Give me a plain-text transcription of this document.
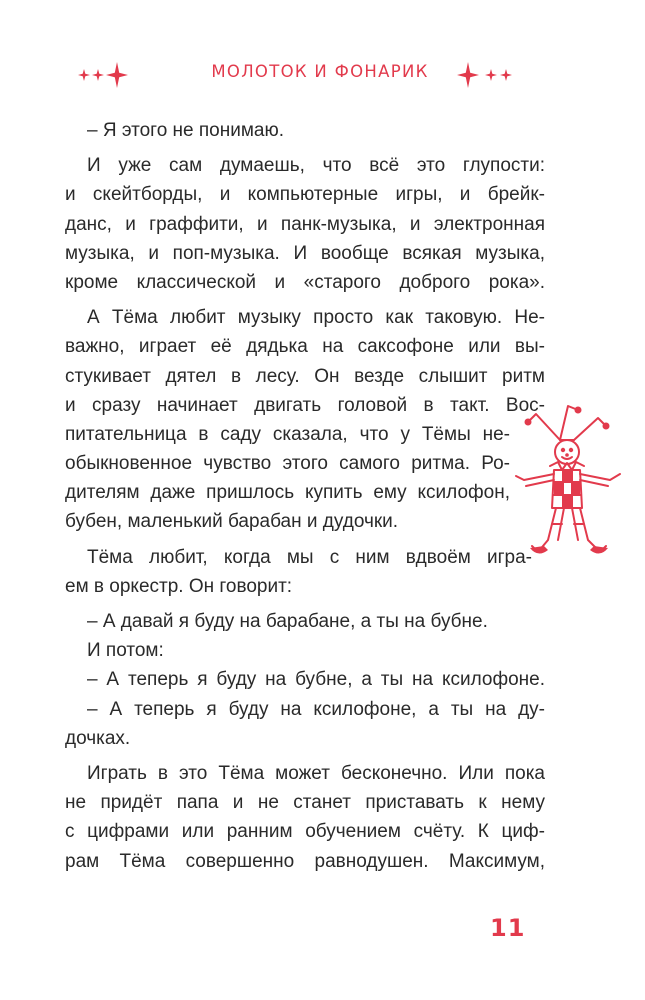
МОЛОТОК И ФОНАРИК
– Я этого не понимаю.
И уже сам думаешь, что всё это глупости:
и скейтборды, и компьютерные игры, и брейк-
данс, и граффити, и панк-музыка, и электронная
музыка, и поп-музыка. И вообще всякая музыка,
кроме классической и «старого доброго рока».
А Тёма любит музыку просто как таковую. Не-
важно, играет её дядька на саксофоне или вы-
стукивает дятел в лесу. Он везде слышит ритм
и сразу начинает двигать головой в такт. Вос-
питательница в саду сказала, что у Тёмы не-
обыкновенное чувство этого самого ритма. Ро-
дителям даже пришлось купить ему ксилофон,
бубен, маленький барабан и дудочки.
Тёма любит, когда мы с ним вдвоём игра-
ем в оркестр. Он говорит:
– А давай я буду на барабане, а ты на бубне.
И потом:
– А теперь я буду на бубне, а ты на ксилофоне.
– А теперь я буду на ксилофоне, а ты на ду-
дочках.
Играть в это Тёма может бесконечно. Или пока
не придёт папа и не станет приставать к нему
с цифрами или ранним обучением счёту. К циф-
рам Тёма совершенно равнодушен. Максимум,
11
